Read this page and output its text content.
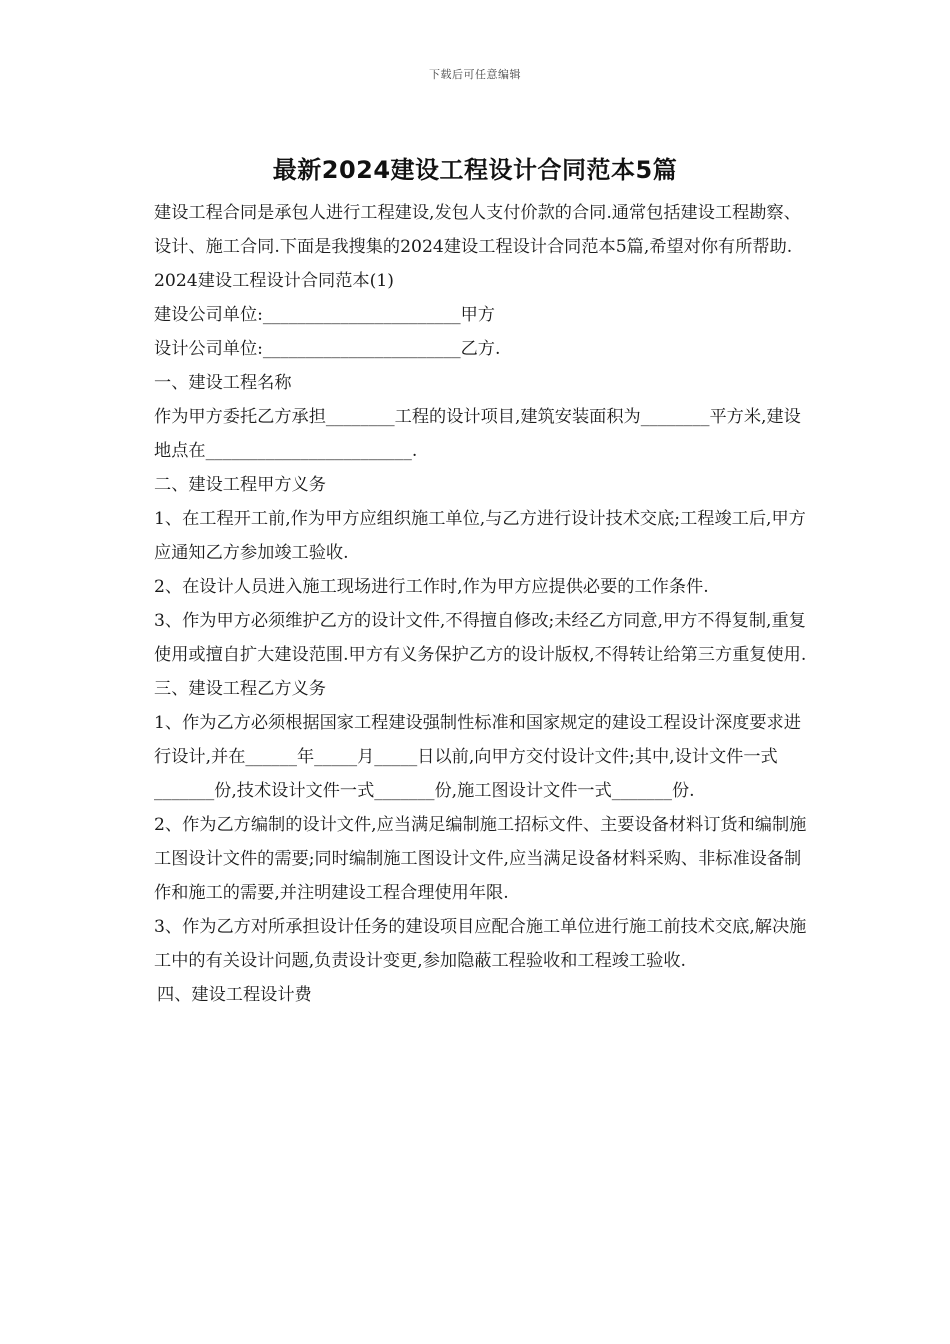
下载后可任意编辑
最新2024建设工程设计合同范本5篇

建设工程合同是承包人进行工程建设,发包人支付价款的合同.通常包括建设工程勘察、设计、施工合同.下面是我搜集的2024建设工程设计合同范本5篇,希望对你有所帮助.

2024建设工程设计合同范本(1)

建设公司单位:_______________________甲方

设计公司单位:_______________________乙方.

一、建设工程名称

作为甲方委托乙方承担________工程的设计项目,建筑安装面积为________平方米,建设地点在________________________.

二、建设工程甲方义务

1、在工程开工前,作为甲方应组织施工单位,与乙方进行设计技术交底;工程竣工后,甲方应通知乙方参加竣工验收.

2、在设计人员进入施工现场进行工作时,作为甲方应提供必要的工作条件.

3、作为甲方必须维护乙方的设计文件,不得擅自修改;未经乙方同意,甲方不得复制,重复使用或擅自扩大建设范围.甲方有义务保护乙方的设计版权,不得转让给第三方重复使用.

三、建设工程乙方义务

1、作为乙方必须根据国家工程建设强制性标准和国家规定的建设工程设计深度要求进行设计,并在______年_____月_____日以前,向甲方交付设计文件;其中,设计文件一式_______份,技术设计文件一式_______份,施工图设计文件一式_______份.

2、作为乙方编制的设计文件,应当满足编制施工招标文件、主要设备材料订货和编制施工图设计文件的需要;同时编制施工图设计文件,应当满足设备材料采购、非标准设备制作和施工的需要,并注明建设工程合理使用年限.

3、作为乙方对所承担设计任务的建设项目应配合施工单位进行施工前技术交底,解决施工中的有关设计问题,负责设计变更,参加隐蔽工程验收和工程竣工验收.

四、建设工程设计费
